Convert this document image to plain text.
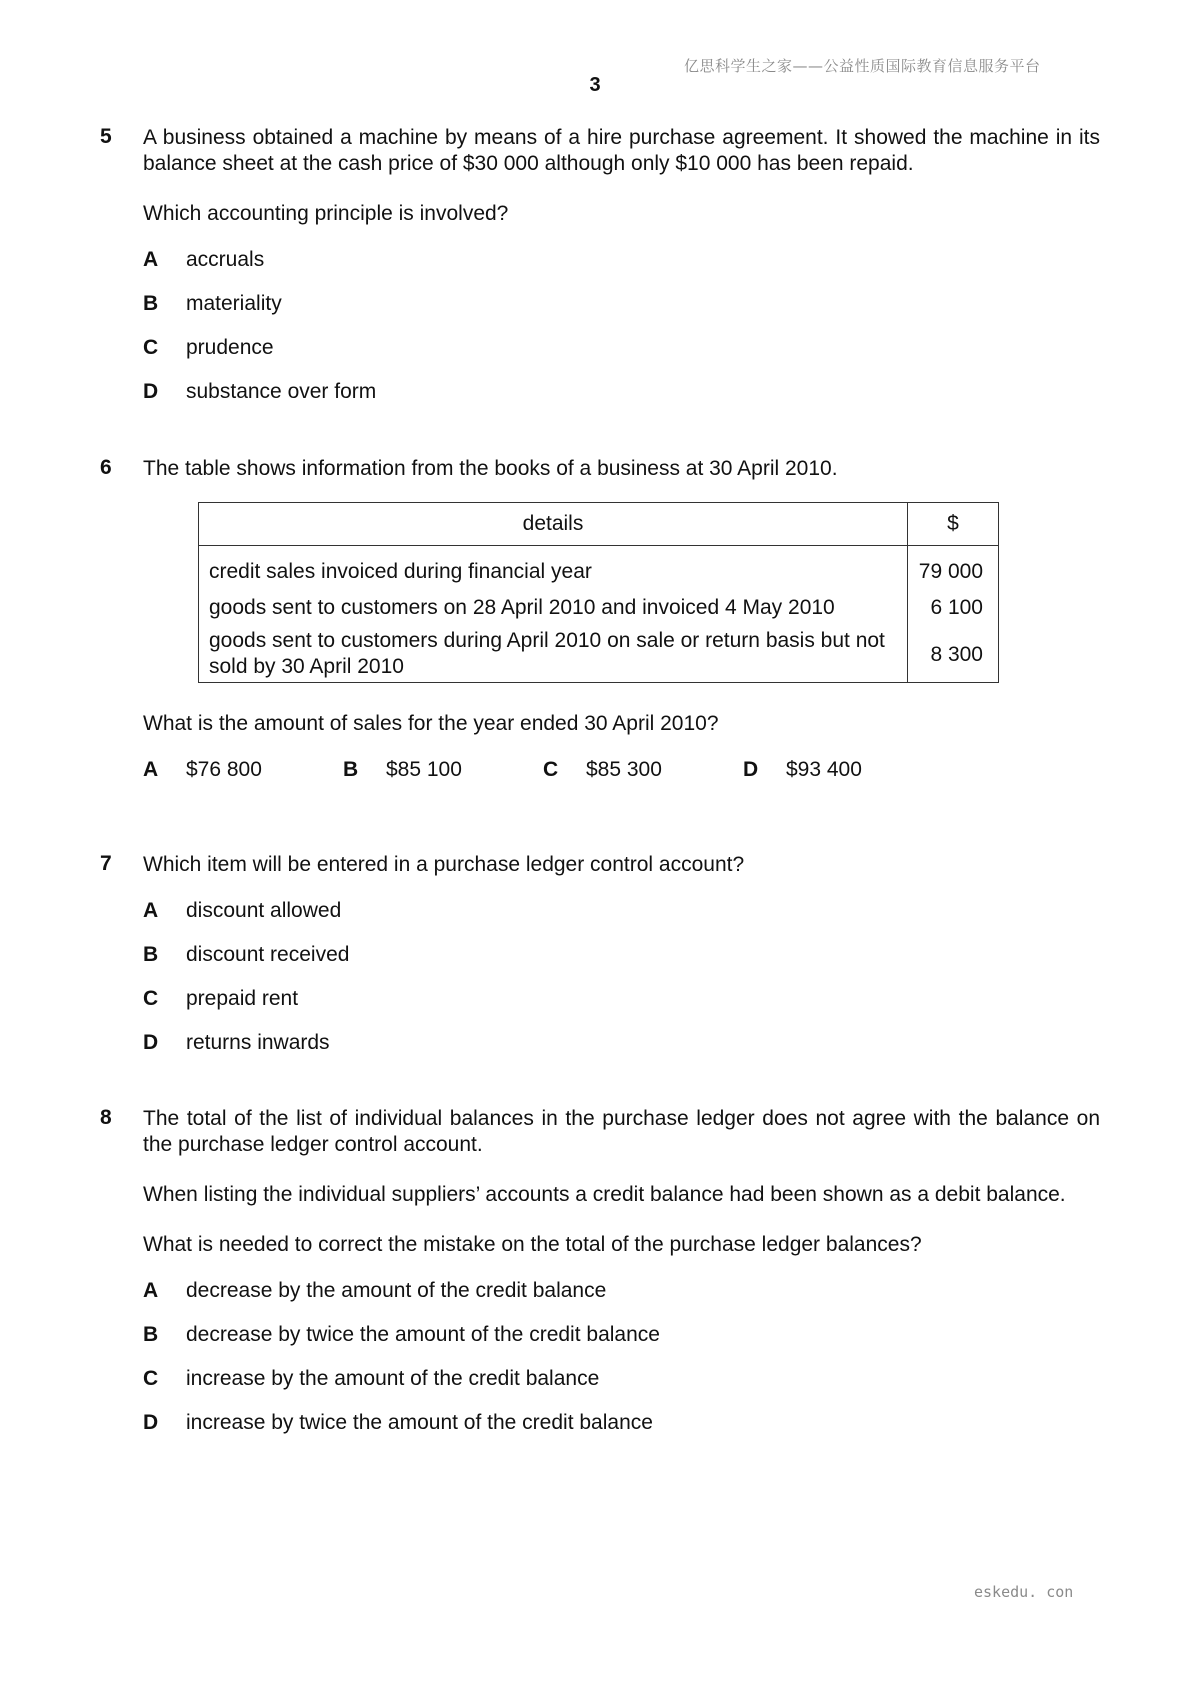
亿思科学生之家——公益性质国际教育信息服务平台
3
5 A business obtained a machine by means of a hire purchase agreement. It showed the machine in its balance sheet at the cash price of $30 000 although only $10 000 has been repaid.

Which accounting principle is involved?

A accruals
B materiality
C prudence
D substance over form
6 The table shows information from the books of a business at 30 April 2010.

details	$
credit sales invoiced during financial year	79 000
goods sent to customers on 28 April 2010 and invoiced 4 May 2010	6 100
goods sent to customers during April 2010 on sale or return basis but not sold by 30 April 2010	8 300

What is the amount of sales for the year ended 30 April 2010?

A $76 800	B $85 100	C $85 300	D $93 400
7 Which item will be entered in a purchase ledger control account?

A discount allowed
B discount received
C prepaid rent
D returns inwards
8 The total of the list of individual balances in the purchase ledger does not agree with the balance on the purchase ledger control account.

When listing the individual suppliers’ accounts a credit balance had been shown as a debit balance.

What is needed to correct the mistake on the total of the purchase ledger balances?

A decrease by the amount of the credit balance
B decrease by twice the amount of the credit balance
C increase by the amount of the credit balance
D increase by twice the amount of the credit balance
eskedu. con
